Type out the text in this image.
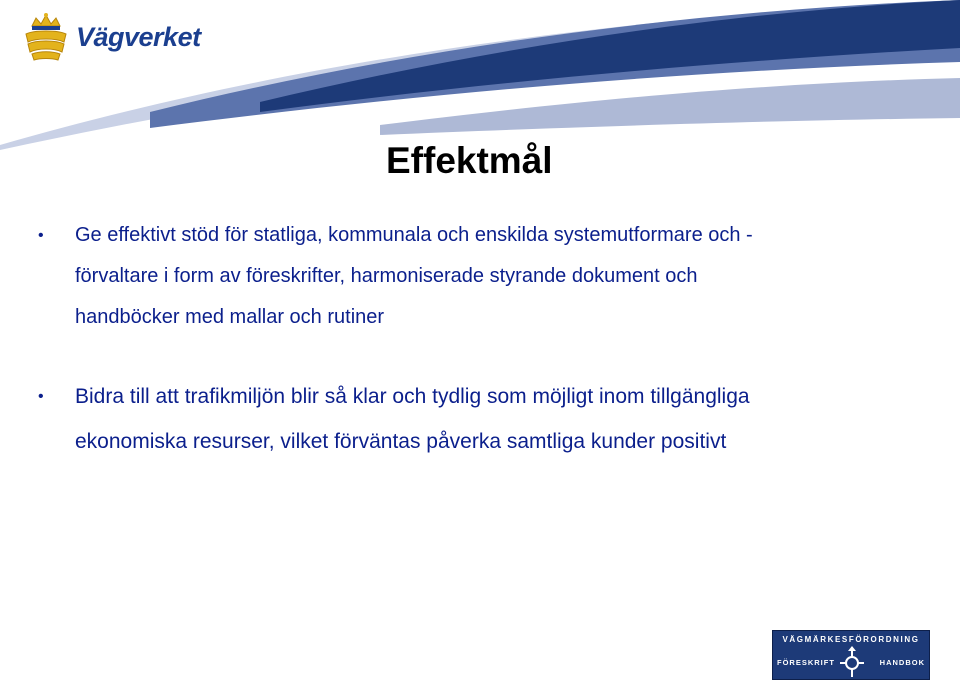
Vägverket
Effektmål
• Ge effektivt stöd för statliga, kommunala och enskilda systemutformare och -
förvaltare i form av föreskrifter, harmoniserade styrande dokument och
handböcker med mallar och rutiner
• Bidra till att trafikmiljön blir så klar och tydlig som möjligt inom tillgängliga
ekonomiska resurser, vilket förväntas påverka samtliga kunder positivt
VÄGMÄRKESFÖRORDNING
FÖRESKRIFT	HANDBOK
